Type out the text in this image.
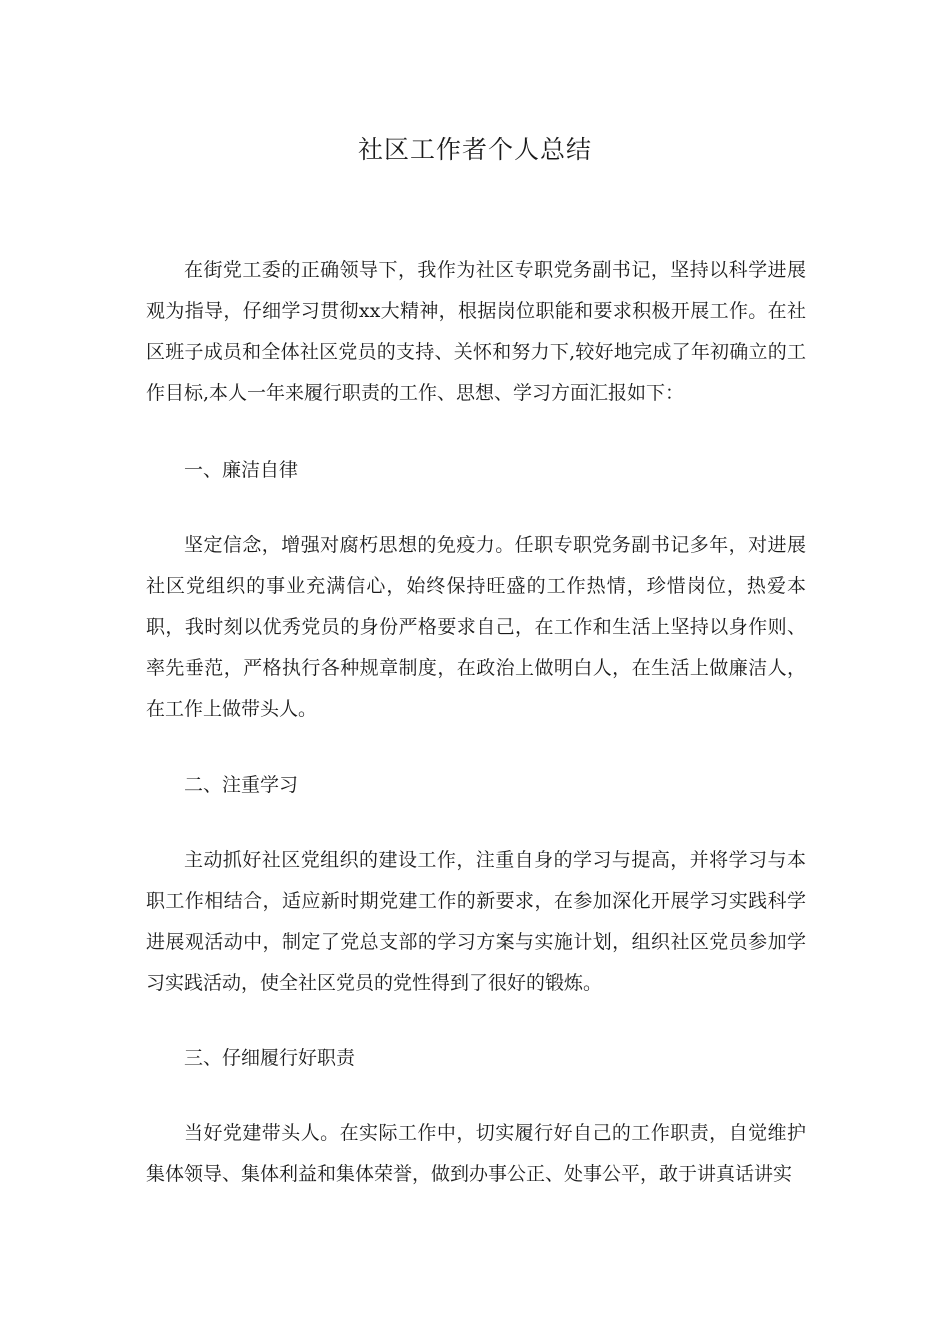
社区工作者个人总结

在街党工委的正确领导下，我作为社区专职党务副书记，坚持以科学进展观为指导，仔细学习贯彻xx大精神，根据岗位职能和要求积极开展工作。在社区班子成员和全体社区党员的支持、关怀和努力下,较好地完成了年初确立的工作目标,本人一年来履行职责的工作、思想、学习方面汇报如下：

一、廉洁自律

坚定信念，增强对腐朽思想的免疫力。任职专职党务副书记多年，对进展社区党组织的事业充满信心，始终保持旺盛的工作热情，珍惜岗位，热爱本职，我时刻以优秀党员的身份严格要求自己，在工作和生活上坚持以身作则、率先垂范，严格执行各种规章制度，在政治上做明白人，在生活上做廉洁人，在工作上做带头人。

二、注重学习

主动抓好社区党组织的建设工作，注重自身的学习与提高，并将学习与本职工作相结合，适应新时期党建工作的新要求，在参加深化开展学习实践科学进展观活动中，制定了党总支部的学习方案与实施计划，组织社区党员参加学习实践活动，使全社区党员的党性得到了很好的锻炼。

三、仔细履行好职责

当好党建带头人。在实际工作中，切实履行好自己的工作职责，自觉维护集体领导、集体利益和集体荣誉，做到办事公正、处事公平，敢于讲真话讲实
